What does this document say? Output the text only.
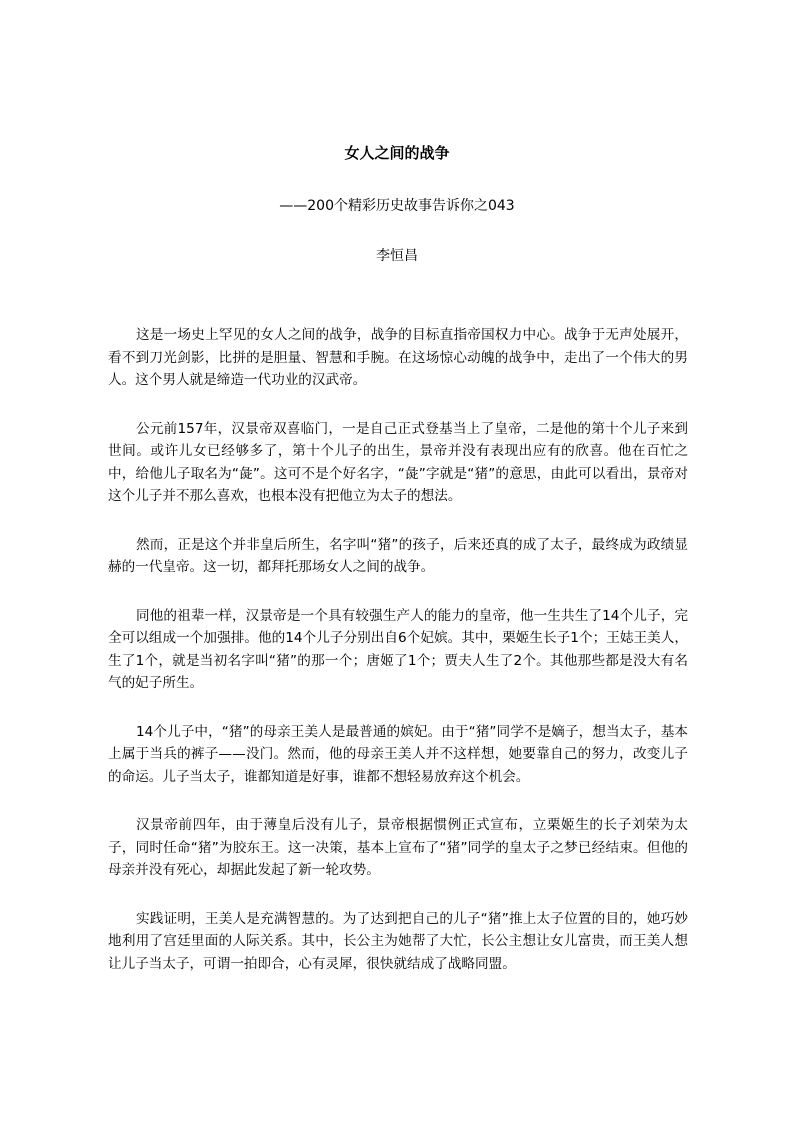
女人之间的战争

——200个精彩历史故事告诉你之043

李恒昌

这是一场史上罕见的女人之间的战争，战争的目标直指帝国权力中心。战争于无声处展开，看不到刀光剑影，比拼的是胆量、智慧和手腕。在这场惊心动魄的战争中，走出了一个伟大的男人。这个男人就是缔造一代功业的汉武帝。

公元前157年，汉景帝双喜临门，一是自己正式登基当上了皇帝，二是他的第十个儿子来到世间。或许儿女已经够多了，第十个儿子的出生，景帝并没有表现出应有的欣喜。他在百忙之中，给他儿子取名为“彘”。这可不是个好名字，“彘”字就是“猪”的意思，由此可以看出，景帝对这个儿子并不那么喜欢，也根本没有把他立为太子的想法。

然而，正是这个并非皇后所生，名字叫“猪”的孩子，后来还真的成了太子，最终成为政绩显赫的一代皇帝。这一切，都拜托那场女人之间的战争。

同他的祖辈一样，汉景帝是一个具有较强生产人的能力的皇帝，他一生共生了14个儿子，完全可以组成一个加强排。他的14个儿子分别出自6个妃嫔。其中，栗姬生长子1个；王娡王美人，生了1个，就是当初名字叫“猪”的那一个；唐姬了1个；贾夫人生了2个。其他那些都是没大有名气的妃子所生。

14个儿子中，“猪”的母亲王美人是最普通的嫔妃。由于“猪”同学不是嫡子，想当太子，基本上属于当兵的裤子——没门。然而，他的母亲王美人并不这样想，她要靠自己的努力，改变儿子的命运。儿子当太子，谁都知道是好事，谁都不想轻易放弃这个机会。

汉景帝前四年，由于薄皇后没有儿子，景帝根据惯例正式宣布，立栗姬生的长子刘荣为太子，同时任命“猪”为胶东王。这一决策，基本上宣布了“猪”同学的皇太子之梦已经结束。但他的母亲并没有死心，却据此发起了新一轮攻势。

实践证明，王美人是充满智慧的。为了达到把自己的儿子“猪”推上太子位置的目的，她巧妙地利用了宫廷里面的人际关系。其中，长公主为她帮了大忙，长公主想让女儿富贵，而王美人想让儿子当太子，可谓一拍即合，心有灵犀，很快就结成了战略同盟。
